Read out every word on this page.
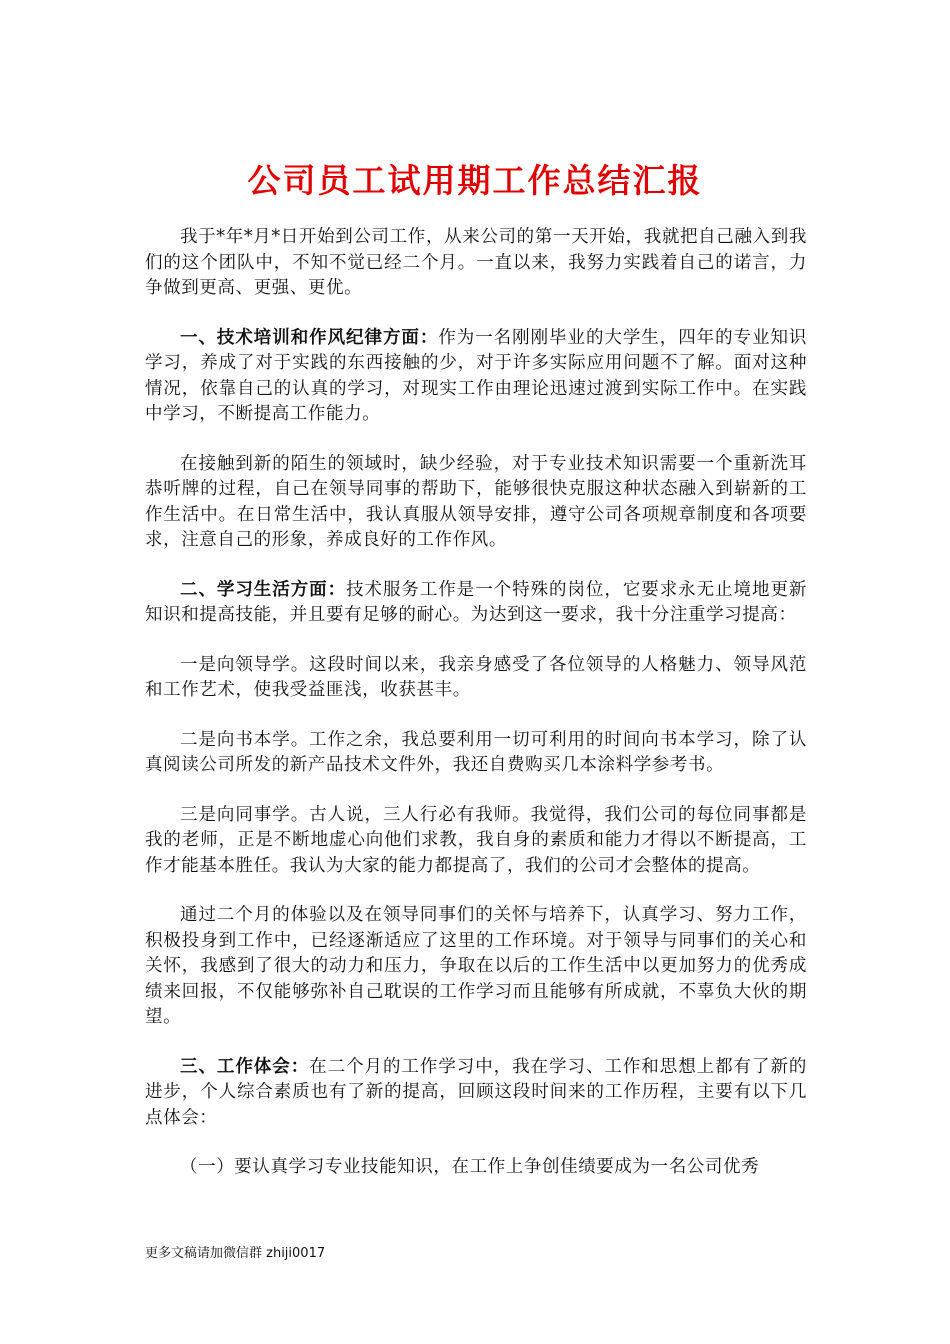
公司员工试用期工作总结汇报

我于*年*月*日开始到公司工作，从来公司的第一天开始，我就把自己融入到我们的这个团队中，不知不觉已经二个月。一直以来，我努力实践着自己的诺言，力争做到更高、更强、更优。

一、技术培训和作风纪律方面：作为一名刚刚毕业的大学生，四年的专业知识学习，养成了对于实践的东西接触的少，对于许多实际应用问题不了解。面对这种情况，依靠自己的认真的学习，对现实工作由理论迅速过渡到实际工作中。在实践中学习，不断提高工作能力。

在接触到新的陌生的领域时，缺少经验，对于专业技术知识需要一个重新洗耳恭听牌的过程，自己在领导同事的帮助下，能够很快克服这种状态融入到崭新的工作生活中。在日常生活中，我认真服从领导安排，遵守公司各项规章制度和各项要求，注意自己的形象，养成良好的工作作风。

二、学习生活方面：技术服务工作是一个特殊的岗位，它要求永无止境地更新知识和提高技能，并且要有足够的耐心。为达到这一要求，我十分注重学习提高：

一是向领导学。这段时间以来，我亲身感受了各位领导的人格魅力、领导风范和工作艺术，使我受益匪浅，收获甚丰。

二是向书本学。工作之余，我总要利用一切可利用的时间向书本学习，除了认真阅读公司所发的新产品技术文件外，我还自费购买几本涂料学参考书。

三是向同事学。古人说，三人行必有我师。我觉得，我们公司的每位同事都是我的老师，正是不断地虚心向他们求教，我自身的素质和能力才得以不断提高，工作才能基本胜任。我认为大家的能力都提高了，我们的公司才会整体的提高。

通过二个月的体验以及在领导同事们的关怀与培养下，认真学习、努力工作，积极投身到工作中，已经逐渐适应了这里的工作环境。对于领导与同事们的关心和关怀，我感到了很大的动力和压力，争取在以后的工作生活中以更加努力的优秀成绩来回报，不仅能够弥补自己耽误的工作学习而且能够有所成就，不辜负大伙的期望。

三、工作体会：在二个月的工作学习中，我在学习、工作和思想上都有了新的进步，个人综合素质也有了新的提高，回顾这段时间来的工作历程，主要有以下几点体会：

（一）要认真学习专业技能知识，在工作上争创佳绩要成为一名公司优秀

更多文稿请加微信群 zhiji0017
